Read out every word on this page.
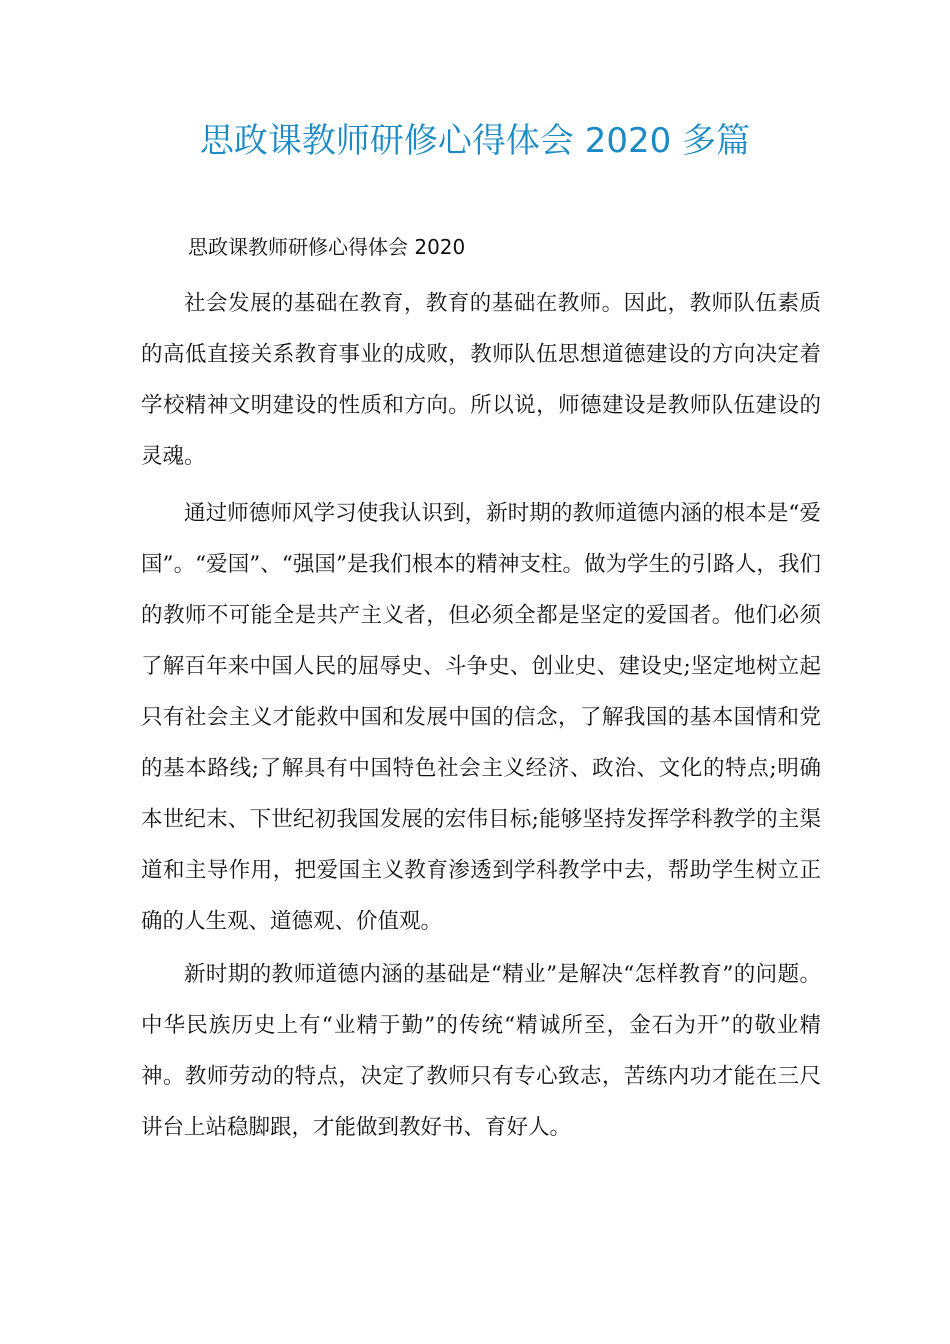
思政课教师研修心得体会 2020 多篇

思政课教师研修心得体会 2020

社会发展的基础在教育，教育的基础在教师。因此，教师队伍素质的高低直接关系教育事业的成败，教师队伍思想道德建设的方向决定着学校精神文明建设的性质和方向。所以说，师德建设是教师队伍建设的灵魂。

通过师德师风学习使我认识到，新时期的教师道德内涵的根本是“爱国”。“爱国”、“强国”是我们根本的精神支柱。做为学生的引路人，我们的教师不可能全是共产主义者，但必须全都是坚定的爱国者。他们必须了解百年来中国人民的屈辱史、斗争史、创业史、建设史;坚定地树立起只有社会主义才能救中国和发展中国的信念，了解我国的基本国情和党的基本路线;了解具有中国特色社会主义经济、政治、文化的特点;明确本世纪末、下世纪初我国发展的宏伟目标;能够坚持发挥学科教学的主渠道和主导作用，把爱国主义教育渗透到学科教学中去，帮助学生树立正确的人生观、道德观、价值观。

新时期的教师道德内涵的基础是“精业”是解决“怎样教育”的问题。中华民族历史上有“业精于勤”的传统“精诚所至，金石为开”的敬业精神。教师劳动的特点，决定了教师只有专心致志，苦练内功才能在三尺讲台上站稳脚跟，才能做到教好书、育好人。
